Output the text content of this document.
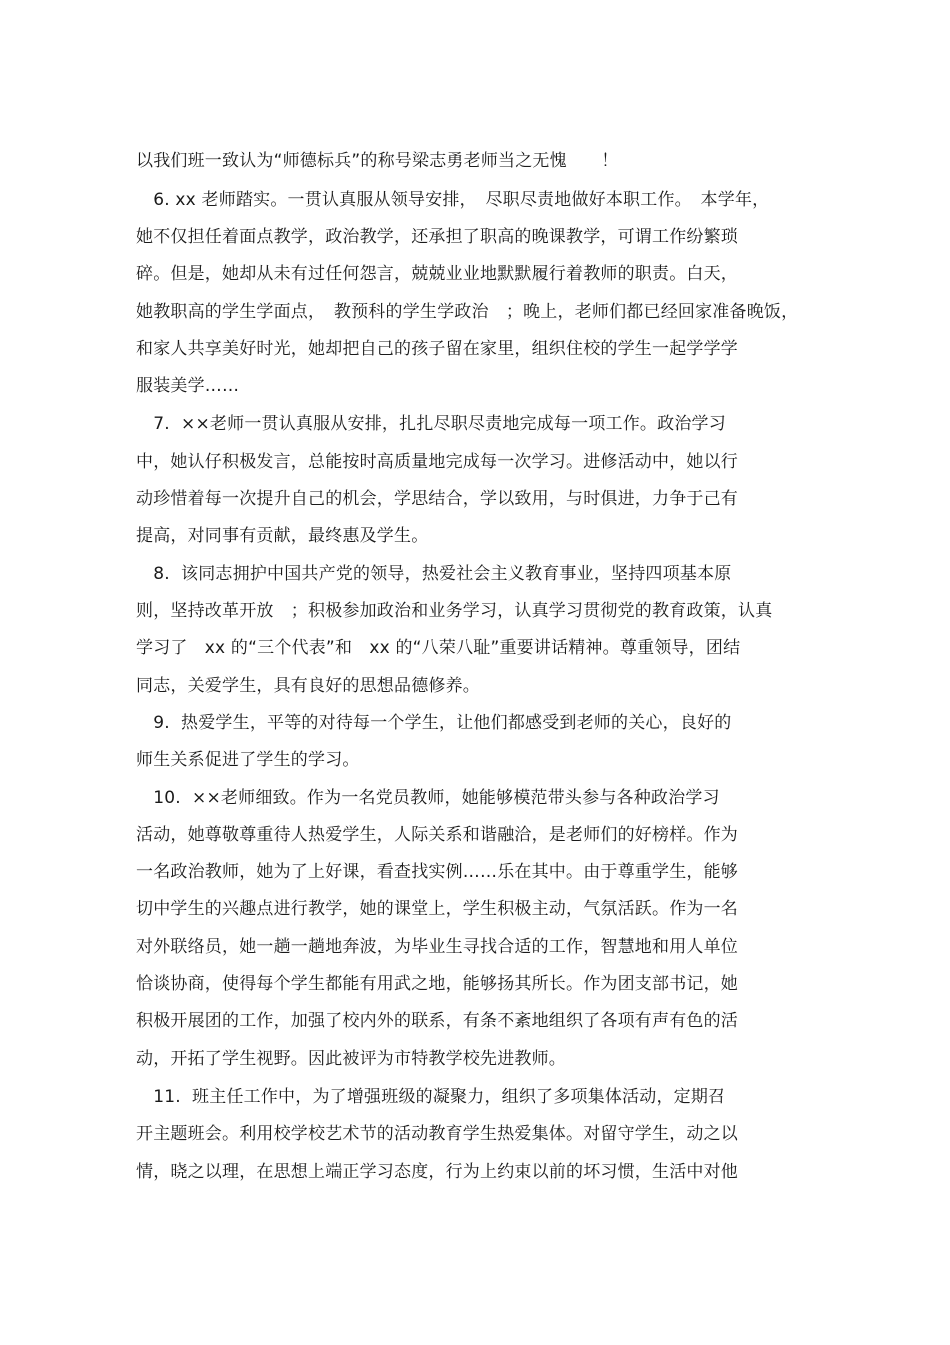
以我们班一致认为“师德标兵”的称号梁志勇老师当之无愧　　！
　6. xx 老师踏实。一贯认真服从领导安排，　尽职尽责地做好本职工作。　本学年，
她不仅担任着面点教学，政治教学，还承担了职高的晚课教学，可谓工作纷繁琐
碎。但是，她却从未有过任何怨言，兢兢业业地默默履行着教师的职责。白天，
她教职高的学生学面点，　教预科的学生学政治　；晚上，老师们都已经回家准备晚饭，
和家人共享美好时光，她却把自己的孩子留在家里，组织住校的学生一起学学学
服装美学……
　7.  ××老师一贯认真服从安排，扎扎尽职尽责地完成每一项工作。政治学习
中，她认仔积极发言，总能按时高质量地完成每一次学习。进修活动中，她以行
动珍惜着每一次提升自己的机会，学思结合，学以致用，与时俱进，力争于己有
提高，对同事有贡献，最终惠及学生。
　8.  该同志拥护中国共产党的领导，热爱社会主义教育事业，坚持四项基本原
则，坚持改革开放　；积极参加政治和业务学习，认真学习贯彻党的教育政策，认真
学习了　xx 的“三个代表”和　xx 的“八荣八耻”重要讲话精神。尊重领导，团结
同志，关爱学生，具有良好的思想品德修养。
　9.  热爱学生，平等的对待每一个学生，让他们都感受到老师的关心，良好的
师生关系促进了学生的学习。
　10.  ××老师细致。作为一名党员教师，她能够模范带头参与各种政治学习
活动，她尊敬尊重待人热爱学生，人际关系和谐融洽，是老师们的好榜样。作为
一名政治教师，她为了上好课，看查找实例……乐在其中。由于尊重学生，能够
切中学生的兴趣点进行教学，她的课堂上，学生积极主动，气氛活跃。作为一名
对外联络员，她一趟一趟地奔波，为毕业生寻找合适的工作，智慧地和用人单位
恰谈协商，使得每个学生都能有用武之地，能够扬其所长。作为团支部书记，她
积极开展团的工作，加强了校内外的联系，有条不紊地组织了各项有声有色的活
动，开拓了学生视野。因此被评为市特教学校先进教师。
　11.  班主任工作中，为了增强班级的凝聚力，组织了多项集体活动，定期召
开主题班会。利用校学校艺术节的活动教育学生热爱集体。对留守学生，动之以
情，晓之以理，在思想上端正学习态度，行为上约束以前的坏习惯，生活中对他
